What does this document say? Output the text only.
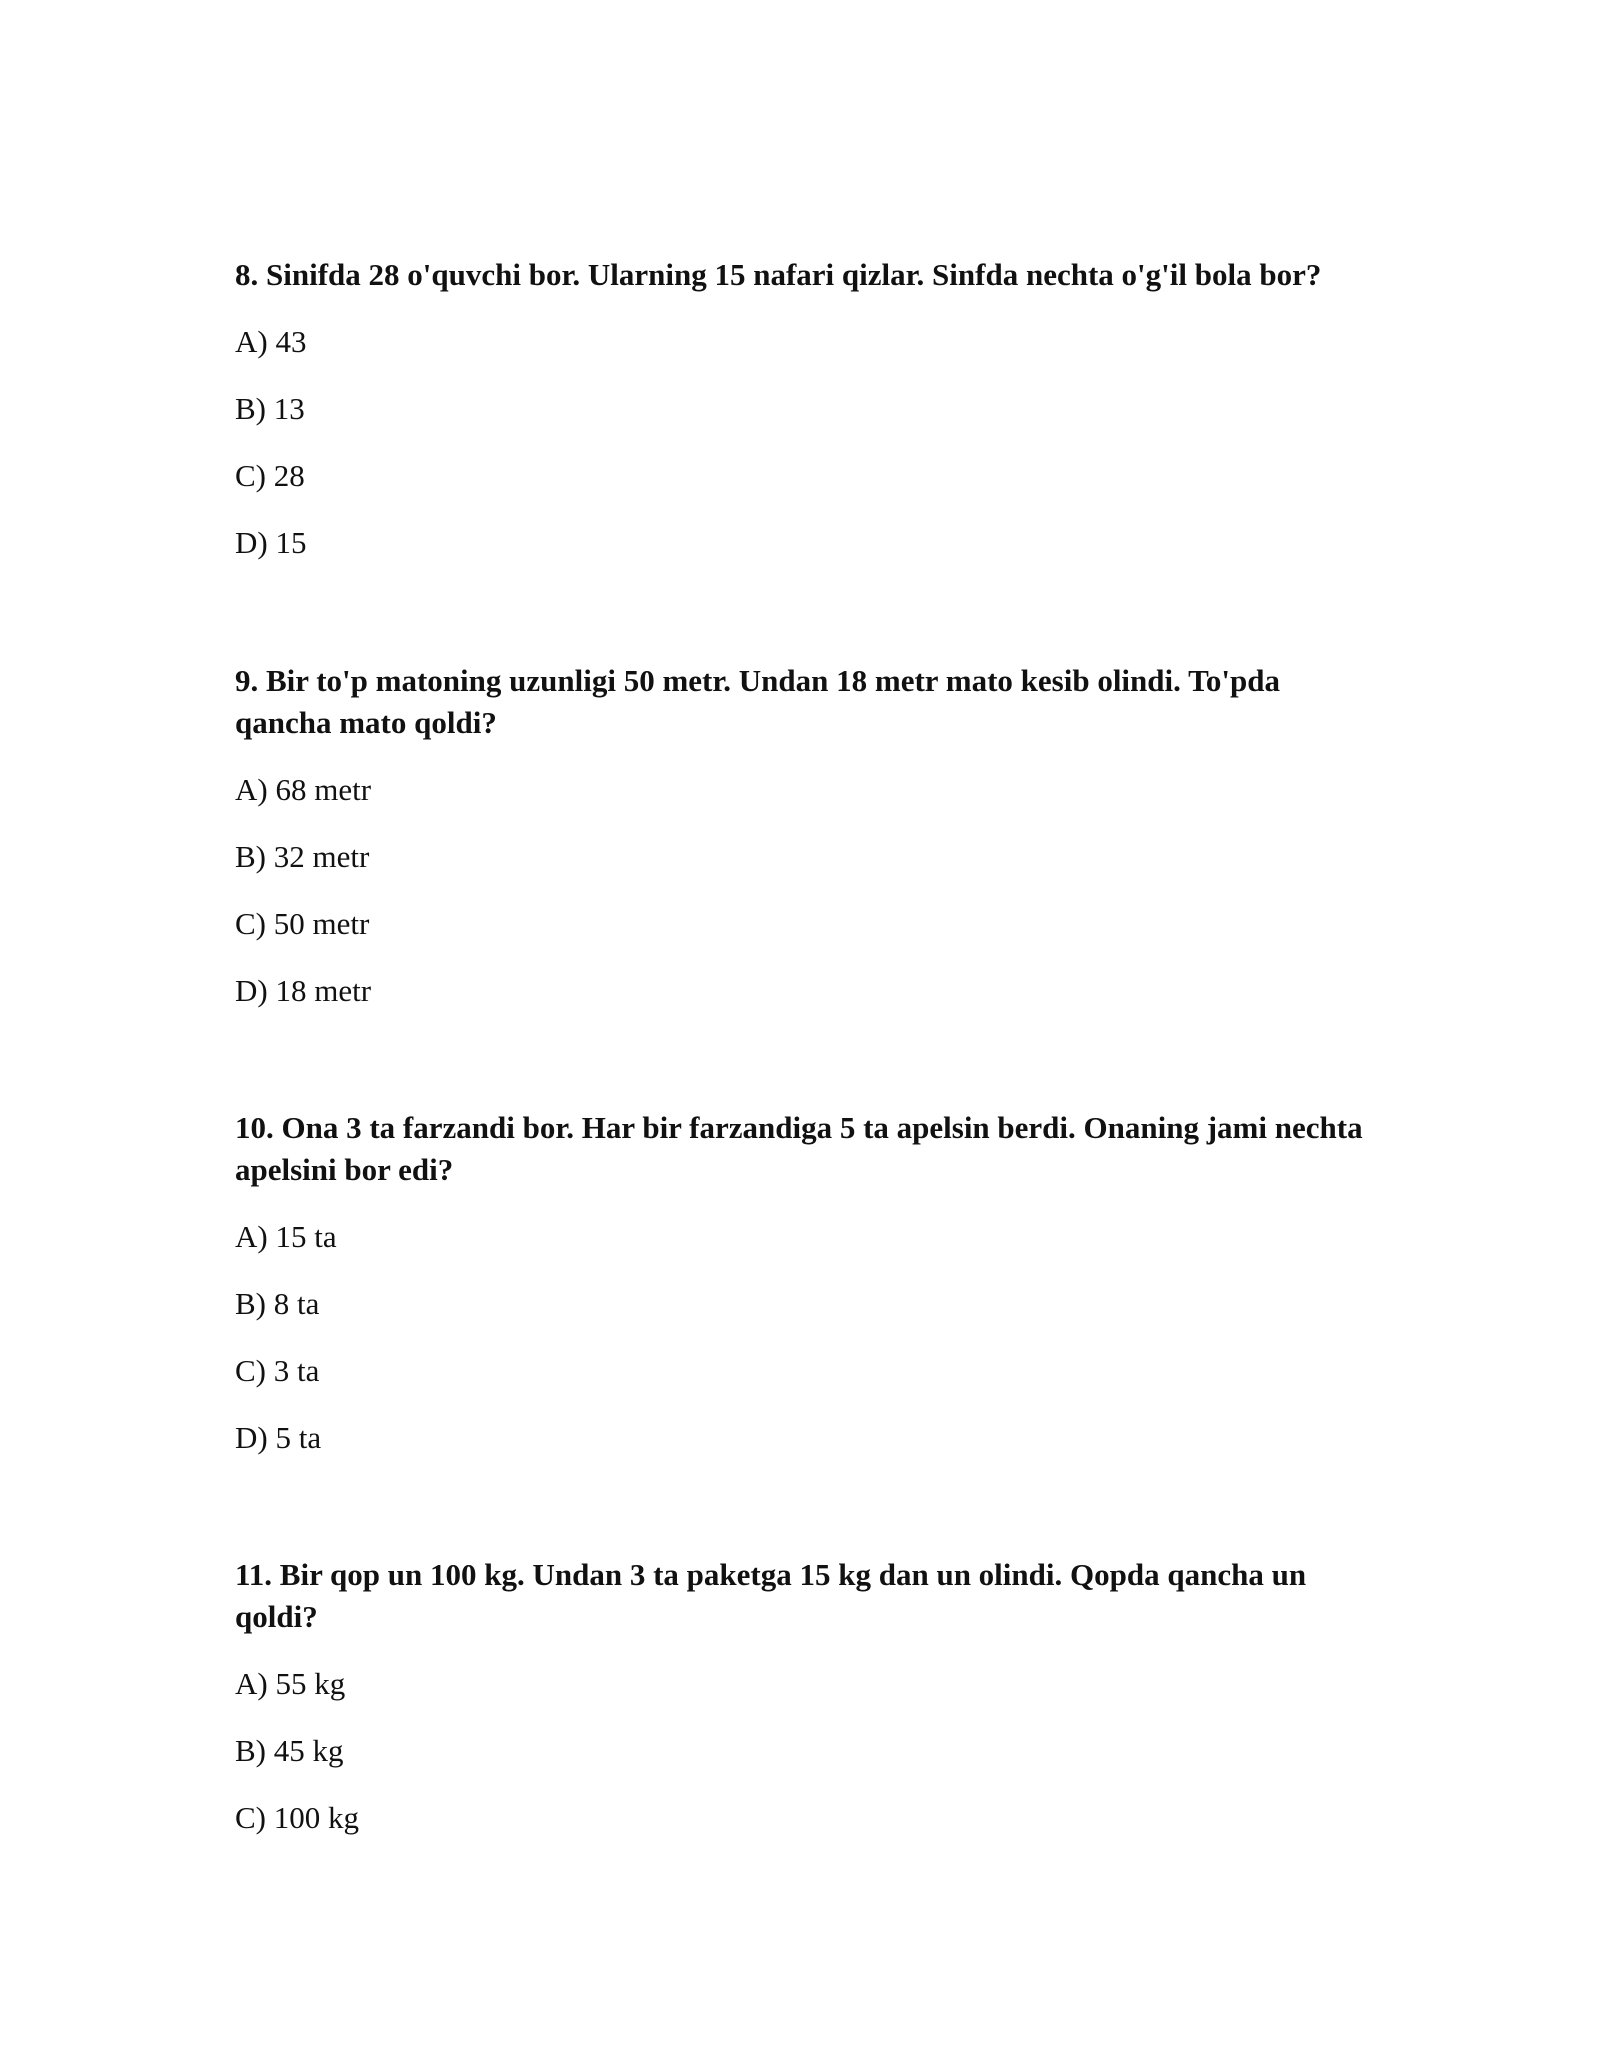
8. Sinifda 28 o'quvchi bor. Ularning 15 nafari qizlar. Sinfda nechta o'g'il bola bor?

A) 43

B) 13

C) 28

D) 15

9. Bir to'p matoning uzunligi 50 metr. Undan 18 metr mato kesib olindi. To'pda qancha mato qoldi?

A) 68 metr

B) 32 metr

C) 50 metr

D) 18 metr

10. Ona 3 ta farzandi bor. Har bir farzandiga 5 ta apelsin berdi. Onaning jami nechta apelsini bor edi?

A) 15 ta

B) 8 ta

C) 3 ta

D) 5 ta

11. Bir qop un 100 kg. Undan 3 ta paketga 15 kg dan un olindi. Qopda qancha un qoldi?

A) 55 kg

B) 45 kg

C) 100 kg
